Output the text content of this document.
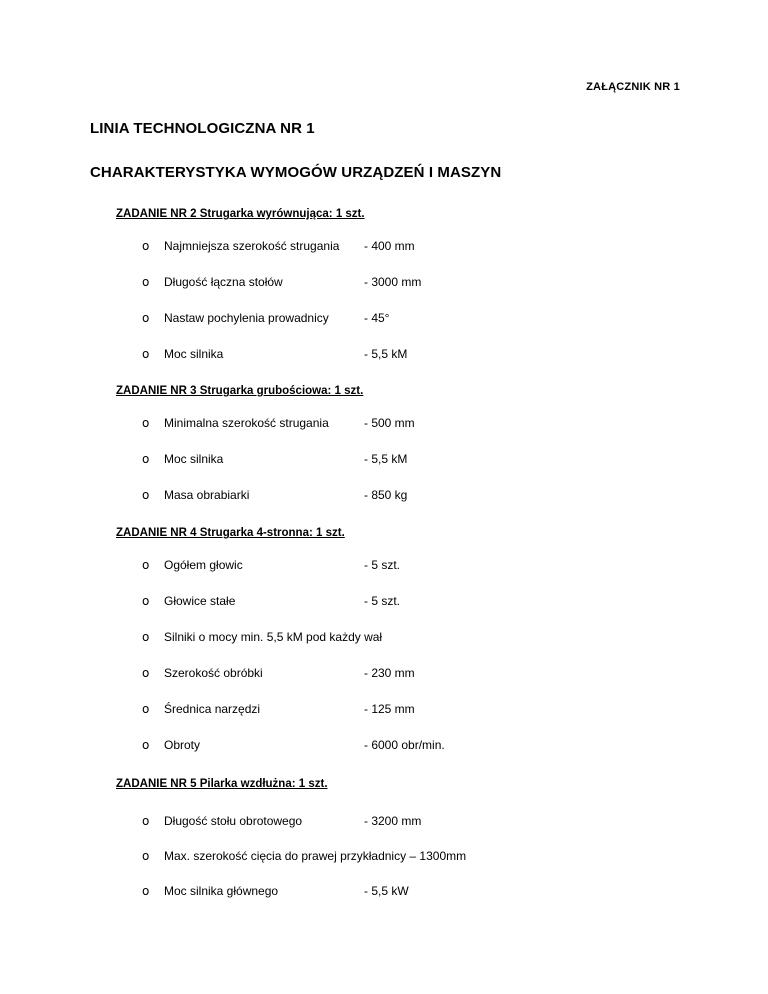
ZAŁĄCZNIK NR 1
LINIA TECHNOLOGICZNA NR 1
CHARAKTERYSTYKA WYMOGÓW URZĄDZEŃ I MASZYN
ZADANIE NR 2 Strugarka wyrównująca: 1 szt.
o Najmniejsza szerokość strugania - 400 mm
o Długość łączna stołów	- 3000 mm
o Nastaw pochylenia prowadnicy	- 45°
o Moc silnika	- 5,5 kM
ZADANIE NR 3 Strugarka grubościowa: 1 szt.
o Minimalna szerokość strugania	- 500 mm
o Moc silnika	- 5,5 kM
o Masa obrabiarki	- 850 kg
ZADANIE NR 4 Strugarka 4-stronna: 1 szt.
o Ogółem głowic	- 5 szt.
o Głowice stałe	- 5 szt.
o Silniki o mocy min. 5,5 kM pod każdy wał
o Szerokość obróbki	- 230 mm
o Średnica narzędzi	- 125 mm
o Obroty	- 6000 obr/min.
ZADANIE NR 5 Pilarka wzdłużna: 1 szt.
o Długość stołu obrotowego	- 3200 mm
o Max. szerokość cięcia do prawej przykładnicy – 1300mm
o Moc silnika głównego	- 5,5 kW
